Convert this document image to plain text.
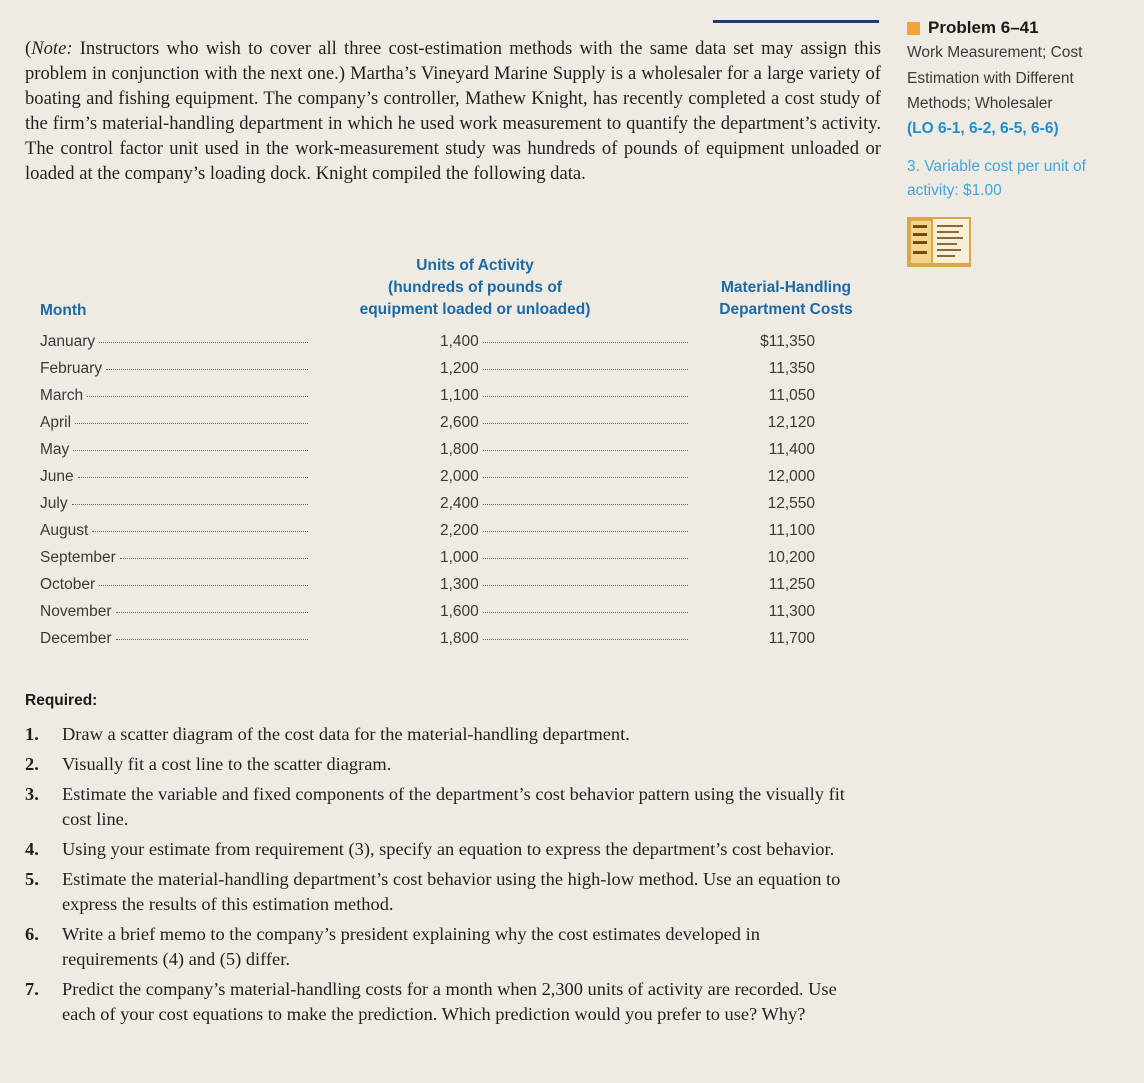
(Note: Instructors who wish to cover all three cost-estimation methods with the same data set may assign this problem in conjunction with the next one.) Martha’s Vineyard Marine Supply is a wholesaler for a large variety of boating and fishing equipment. The company’s controller, Mathew Knight, has recently completed a cost study of the firm’s material-handling department in which he used work measurement to quantify the department’s activity. The control factor unit used in the work-measurement study was hundreds of pounds of equipment unloaded or loaded at the company’s loading dock. Knight compiled the following data.

Problem 6–41
Work Measurement; Cost Estimation with Different Methods; Wholesaler
(LO 6-1, 6-2, 6-5, 6-6)
3. Variable cost per unit of activity: $1.00
Month
Units of Activity
(hundreds of pounds of
equipment loaded or unloaded)
Material-Handling
Department Costs
January	1,400	$11,350
February	1,200	11,350
March	1,100	11,050
April	2,600	12,120
May	1,800	11,400
June	2,000	12,000
July	2,400	12,550
August	2,200	11,100
September	1,000	10,200
October	1,300	11,250
November	1,600	11,300
December	1,800	11,700
Required:
1.	Draw a scatter diagram of the cost data for the material-handling department.
2.	Visually fit a cost line to the scatter diagram.
3.	Estimate the variable and fixed components of the department’s cost behavior pattern using the visually fit cost line.
4.	Using your estimate from requirement (3), specify an equation to express the department’s cost behavior.
5.	Estimate the material-handling department’s cost behavior using the high-low method. Use an equation to express the results of this estimation method.
6.	Write a brief memo to the company’s president explaining why the cost estimates developed in requirements (4) and (5) differ.
7.	Predict the company’s material-handling costs for a month when 2,300 units of activity are recorded. Use each of your cost equations to make the prediction. Which prediction would you prefer to use? Why?
